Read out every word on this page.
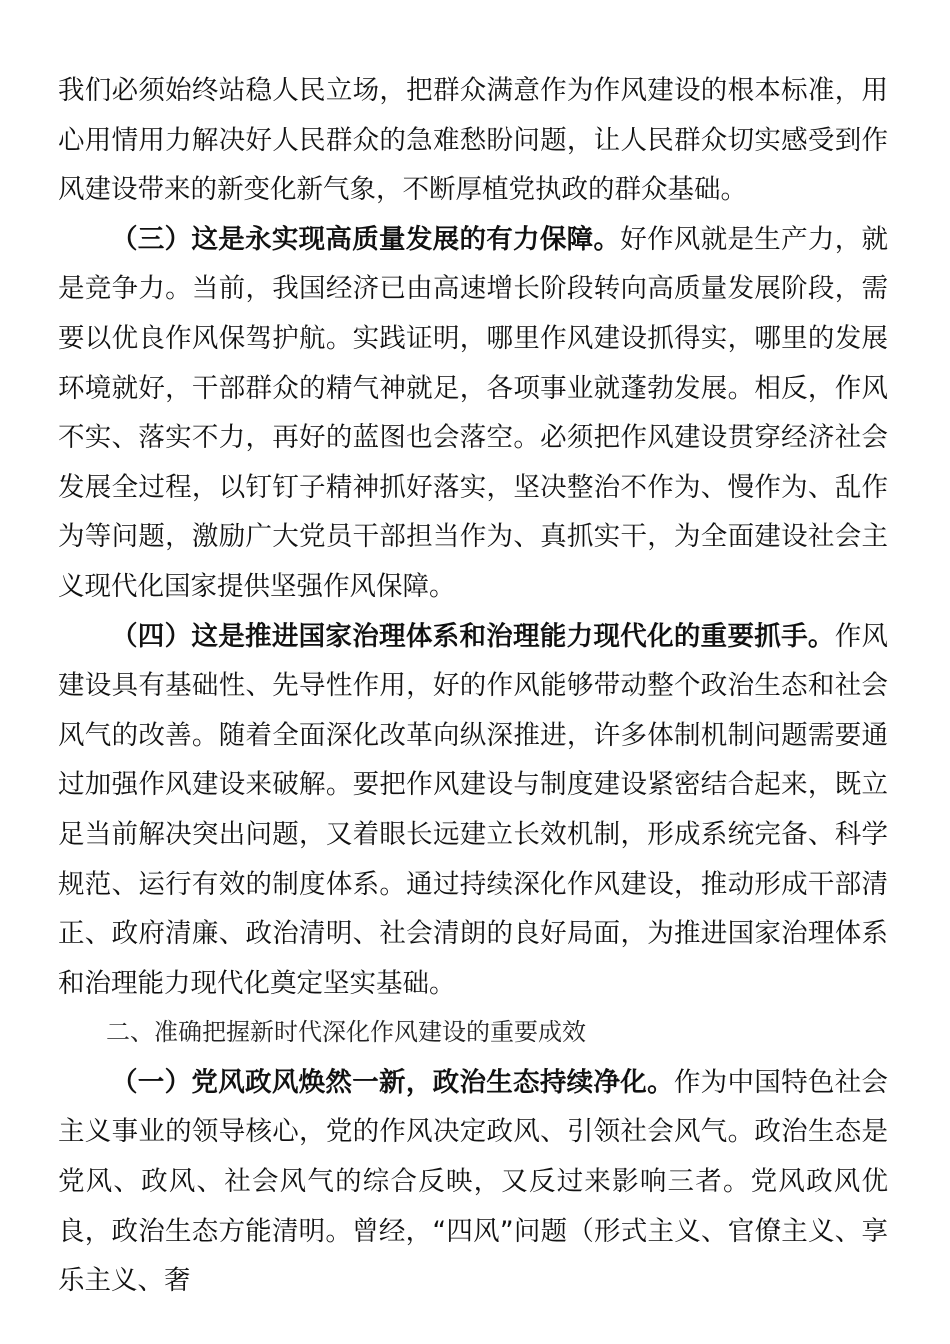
我们必须始终站稳人民立场，把群众满意作为作风建设的根本标准，用心用情用力解决好人民群众的急难愁盼问题，让人民群众切实感受到作风建设带来的新变化新气象，不断厚植党执政的群众基础。

（三）这是永实现高质量发展的有力保障。好作风就是生产力，就是竞争力。当前，我国经济已由高速增长阶段转向高质量发展阶段，需要以优良作风保驾护航。实践证明，哪里作风建设抓得实，哪里的发展环境就好，干部群众的精气神就足，各项事业就蓬勃发展。相反，作风不实、落实不力，再好的蓝图也会落空。必须把作风建设贯穿经济社会发展全过程，以钉钉子精神抓好落实，坚决整治不作为、慢作为、乱作为等问题，激励广大党员干部担当作为、真抓实干，为全面建设社会主义现代化国家提供坚强作风保障。

（四）这是推进国家治理体系和治理能力现代化的重要抓手。作风建设具有基础性、先导性作用，好的作风能够带动整个政治生态和社会风气的改善。随着全面深化改革向纵深推进，许多体制机制问题需要通过加强作风建设来破解。要把作风建设与制度建设紧密结合起来，既立足当前解决突出问题，又着眼长远建立长效机制，形成系统完备、科学规范、运行有效的制度体系。通过持续深化作风建设，推动形成干部清正、政府清廉、政治清明、社会清朗的良好局面，为推进国家治理体系和治理能力现代化奠定坚实基础。

二、准确把握新时代深化作风建设的重要成效

（一）党风政风焕然一新，政治生态持续净化。作为中国特色社会主义事业的领导核心，党的作风决定政风、引领社会风气。政治生态是党风、政风、社会风气的综合反映，又反过来影响三者。党风政风优良，政治生态方能清明。曾经，“四风”问题（形式主义、官僚主义、享乐主义、奢
